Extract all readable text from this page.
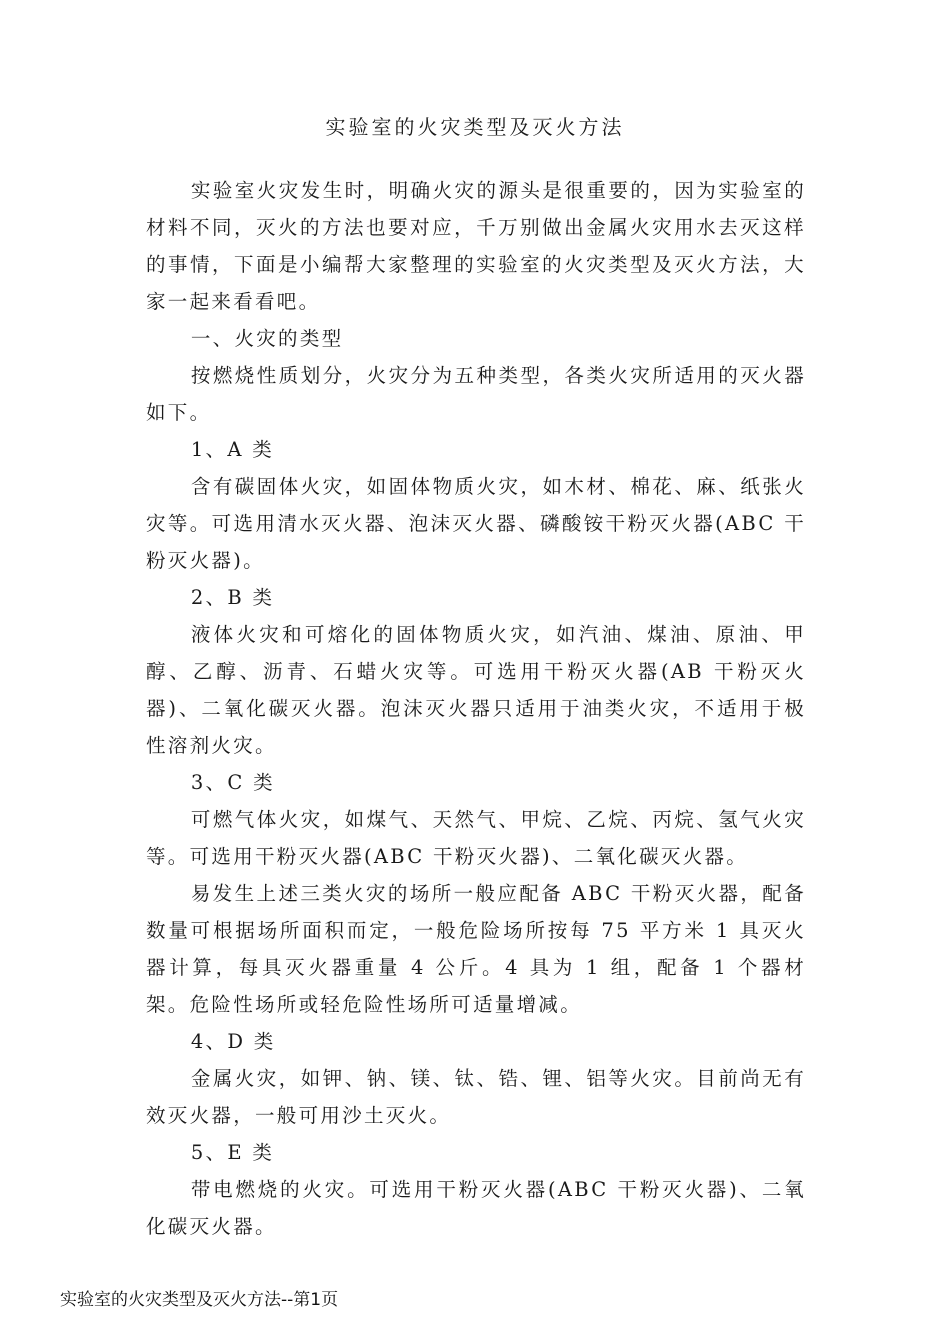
实验室的火灾类型及灭火方法

实验室火灾发生时，明确火灾的源头是很重要的，因为实验室的材料不同，灭火的方法也要对应，千万别做出金属火灾用水去灭这样的事情，下面是小编帮大家整理的实验室的火灾类型及灭火方法，大家一起来看看吧。

一、火灾的类型

按燃烧性质划分，火灾分为五种类型，各类火灾所适用的灭火器如下。

1、A 类

含有碳固体火灾，如固体物质火灾，如木材、棉花、麻、纸张火灾等。可选用清水灭火器、泡沫灭火器、磷酸铵干粉灭火器(ABC 干粉灭火器)。

2、B 类

液体火灾和可熔化的固体物质火灾，如汽油、煤油、原油、甲醇、乙醇、沥青、石蜡火灾等。可选用干粉灭火器(AB 干粉灭火器)、二氧化碳灭火器。泡沫灭火器只适用于油类火灾，不适用于极性溶剂火灾。

3、C 类

可燃气体火灾，如煤气、天然气、甲烷、乙烷、丙烷、氢气火灾等。可选用干粉灭火器(ABC 干粉灭火器)、二氧化碳灭火器。

易发生上述三类火灾的场所一般应配备 ABC 干粉灭火器，配备数量可根据场所面积而定，一般危险场所按每 75 平方米 1 具灭火器计算，每具灭火器重量 4 公斤。4 具为 1 组，配备 1 个器材架。危险性场所或轻危险性场所可适量增减。

4、D 类

金属火灾，如钾、钠、镁、钛、锆、锂、铝等火灾。目前尚无有效灭火器，一般可用沙土灭火。

5、E 类

带电燃烧的火灾。可选用干粉灭火器(ABC 干粉灭火器)、二氧化碳灭火器。

实验室的火灾类型及灭火方法--第1页
